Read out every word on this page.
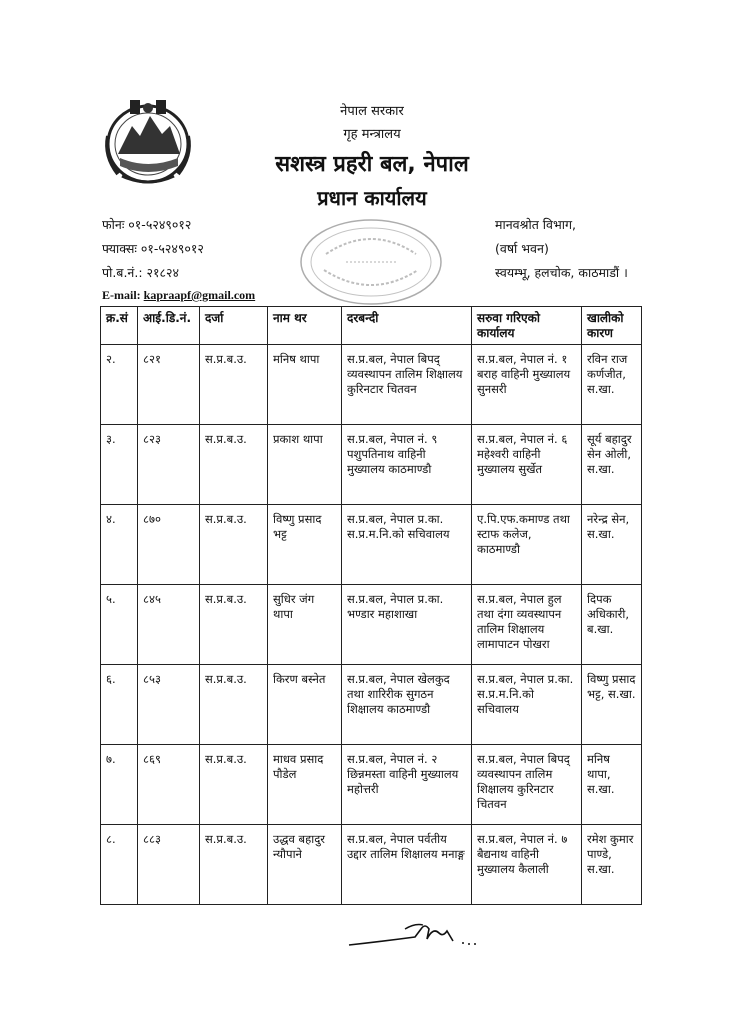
नेपाल सरकार
गृह मन्त्रालय
सशस्त्र प्रहरी बल, नेपाल
प्रधान कार्यालय
फोनः ०१-५२४९०१२
फ्याक्सः ०१-५२४९०१२
पो.ब.नं.: २१८२४
E-mail: kapraapf@gmail.com
मानवश्रोत विभाग,
(वर्षा भवन)
स्वयम्भू, हलचोक, काठमाडौं ।
क्र.सं	आई.डि.नं.	दर्जा	नाम थर	दरबन्दी	सरुवा गरिएको कार्यालय	खालीको कारण
२.	८२१	स.प्र.ब.उ.	मनिष थापा	स.प्र.बल, नेपाल बिपद् व्यवस्थापन तालिम शिक्षालय कुरिनटार चितवन	स.प्र.बल, नेपाल नं. १ बराह वाहिनी मुख्यालय सुनसरी	रविन राज कर्णजीत, स.खा.
३.	८२३	स.प्र.ब.उ.	प्रकाश थापा	स.प्र.बल, नेपाल नं. ९ पशुपतिनाथ वाहिनी मुख्यालय काठमाण्डौ	स.प्र.बल, नेपाल नं. ६ महेश्वरी वाहिनी मुख्यालय सुर्खेत	सूर्य बहादुर सेन ओली, स.खा.
४.	८७०	स.प्र.ब.उ.	विष्णु प्रसाद भट्ट	स.प्र.बल, नेपाल प्र.का. स.प्र.म.नि.को सचिवालय	ए.पि.एफ.कमाण्ड तथा स्टाफ कलेज, काठमाण्डौ	नरेन्द्र सेन, स.खा.
५.	८४५	स.प्र.ब.उ.	सुधिर जंग थापा	स.प्र.बल, नेपाल प्र.का. भण्डार महाशाखा	स.प्र.बल, नेपाल हुल तथा दंगा व्यवस्थापन तालिम शिक्षालय लामापाटन पोखरा	दिपक अधिकारी, ब.खा.
६.	८५३	स.प्र.ब.उ.	किरण बस्नेत	स.प्र.बल, नेपाल खेलकुद तथा शारिरीक सुगठन शिक्षालय काठमाण्डौ	स.प्र.बल, नेपाल प्र.का. स.प्र.म.नि.को सचिवालय	विष्णु प्रसाद भट्ट, स.खा.
७.	८६९	स.प्र.ब.उ.	माधव प्रसाद पौडेल	स.प्र.बल, नेपाल नं. २ छिन्नमस्ता वाहिनी मुख्यालय महोत्तरी	स.प्र.बल, नेपाल बिपद् व्यवस्थापन तालिम शिक्षालय कुरिनटार चितवन	मनिष थापा, स.खा.
८.	८८३	स.प्र.ब.उ.	उद्धव बहादुर न्यौपाने	स.प्र.बल, नेपाल पर्वतीय उद्दार तालिम शिक्षालय मनाङ्ग	स.प्र.बल, नेपाल नं. ७ बैद्यनाथ वाहिनी मुख्यालय कैलाली	रमेश कुमार पाण्डे, स.खा.
